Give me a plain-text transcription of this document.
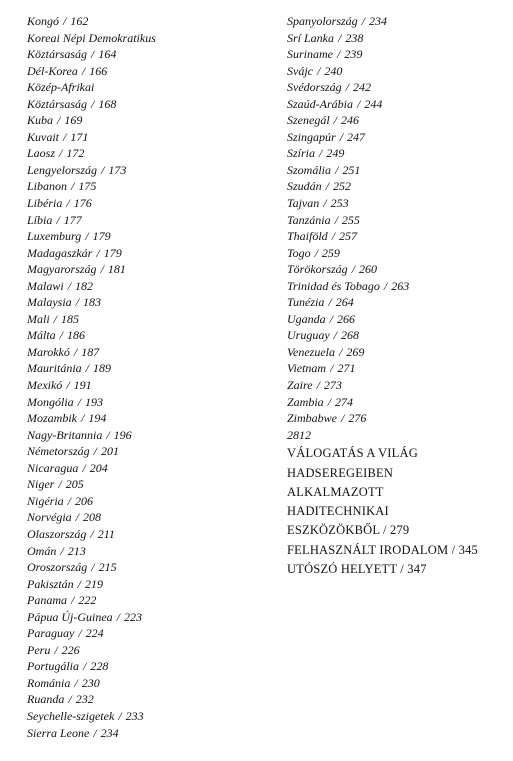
Kongó / 162
Koreai Népi Demokratikus
Köztársaság / 164
Dél-Korea / 166
Közép-Afrikai
Köztársaság / 168
Kuba / 169
Kuvait / 171
Laosz / 172
Lengyelország / 173
Libanon / 175
Libéria / 176
Líbia / 177
Luxemburg / 179
Madagaszkár / 179
Magyarország / 181
Malawi / 182
Malaysia / 183
Mali / 185
Málta / 186
Marokkó / 187
Mauritánia / 189
Mexikó / 191
Mongólia / 193
Mozambik / 194
Nagy-Britannia / 196
Németország / 201
Nicaragua / 204
Niger / 205
Nigéria / 206
Norvégia / 208
Olaszország / 211
Omán / 213
Oroszország / 215
Pakisztán / 219
Panama / 222
Pápua Új-Guinea / 223
Paraguay / 224
Peru / 226
Portugália / 228
Románia / 230
Ruanda / 232
Seychelle-szigetek / 233
Sierra Leone / 234
Spanyolország / 234
Srí Lanka / 238
Suriname / 239
Svájc / 240
Svédország / 242
Szaúd-Arábia / 244
Szenegál / 246
Szingapúr / 247
Szíria / 249
Szomália / 251
Szudán / 252
Tajvan / 253
Tanzánia / 255
Thaiföld / 257
Togo / 259
Törökország / 260
Trinidad és Tobago / 263
Tunézia / 264
Uganda / 266
Uruguay / 268
Venezuela / 269
Vietnam / 271
Zaire / 273
Zambia / 274
Zimbabwe / 276
2812
VÁLOGATÁS A VILÁG
HADSEREGEIBEN
ALKALMAZOTT
HADITECHNIKAI
ESZKÖZÖKBŐL / 279
FELHASZNÁLT IRODALOM / 345
UTÓSZÓ HELYETT / 347
